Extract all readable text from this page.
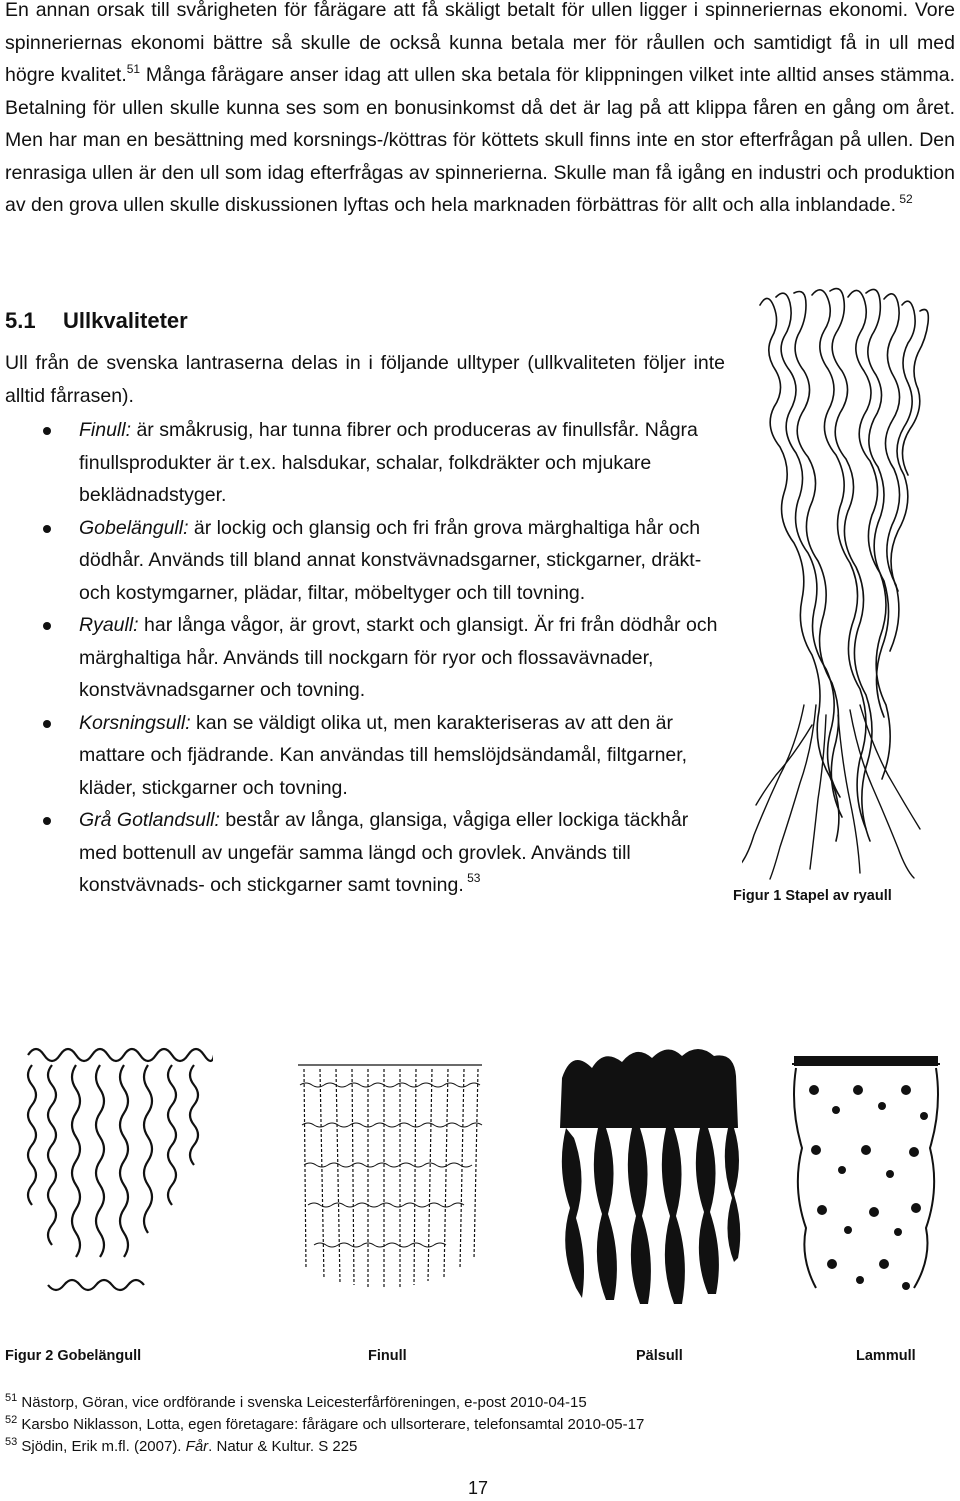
En annan orsak till svårigheten för fårägare att få skäligt betalt för ullen ligger i spinneriernas ekonomi. Vore spinneriernas ekonomi bättre så skulle de också kunna betala mer för råullen och samtidigt få in ull med högre kvalitet.$^{51}$ Många fårägare anser idag att ullen ska betala för klippningen vilket inte alltid anses stämma. Betalning för ullen skulle kunna ses som en bonusinkomst då det är lag på att klippa fåren en gång om året. Men har man en besättning med korsnings-/köttras för köttets skull finns inte en stor efterfrågan på ullen. Den renrasiga ullen är den ull som idag efterfrågas av spinnerierna. Skulle man få igång en industri och produktion av den grova ullen skulle diskussionen lyftas och hela marknaden förbättras för allt och alla inblandade. $^{52}$
5.1 Ullkvaliteter
Ull från de svenska lantraserna delas in i följande ulltyper (ullkvaliteten följer inte alltid fårrasen).
Finull: är småkrusig, har tunna fibrer och produceras av finullsfår. Några finullsprodukter är t.ex. halsdukar, schalar, folkdräkter och mjukare beklädnadstyger.
Gobelängull: är lockig och glansig och fri från grova märghaltiga hår och dödhår. Används till bland annat konstvävnadsgarner, stickgarner, dräkt- och kostymgarner, plädar, filtar, möbeltyger och till tovning.
Ryaull: har långa vågor, är grovt, starkt och glansigt. Är fri från dödhår och märghaltiga hår. Används till nockgarn för ryor och flossavävnader, konstvävnadsgarner och tovning.
Korsningsull: kan se väldigt olika ut, men karakteriseras av att den är mattare och fjädrande. Kan användas till hemslöjdsändamål, filtgarner, kläder, stickgarner och tovning.
Grå Gotlandsull: består av långa, glansiga, vågiga eller lockiga täckhår med bottenull av ungefär samma längd och grovlek. Används till konstvävnads- och stickgarner samt tovning. $^{53}$
Figur 1 Stapel av ryaull
Figur 2 Gobelängull	Finull	Pälsull	Lammull
$^{51}$ Nästorp, Göran, vice ordförande i svenska Leicesterfårföreningen, e-post 2010-04-15
$^{52}$ Karsbo Niklasson, Lotta, egen företagare: fårägare och ullsorterare, telefonsamtal 2010-05-17
$^{53}$ Sjödin, Erik m.fl. (2007). Får. Natur & Kultur. S 225
17
